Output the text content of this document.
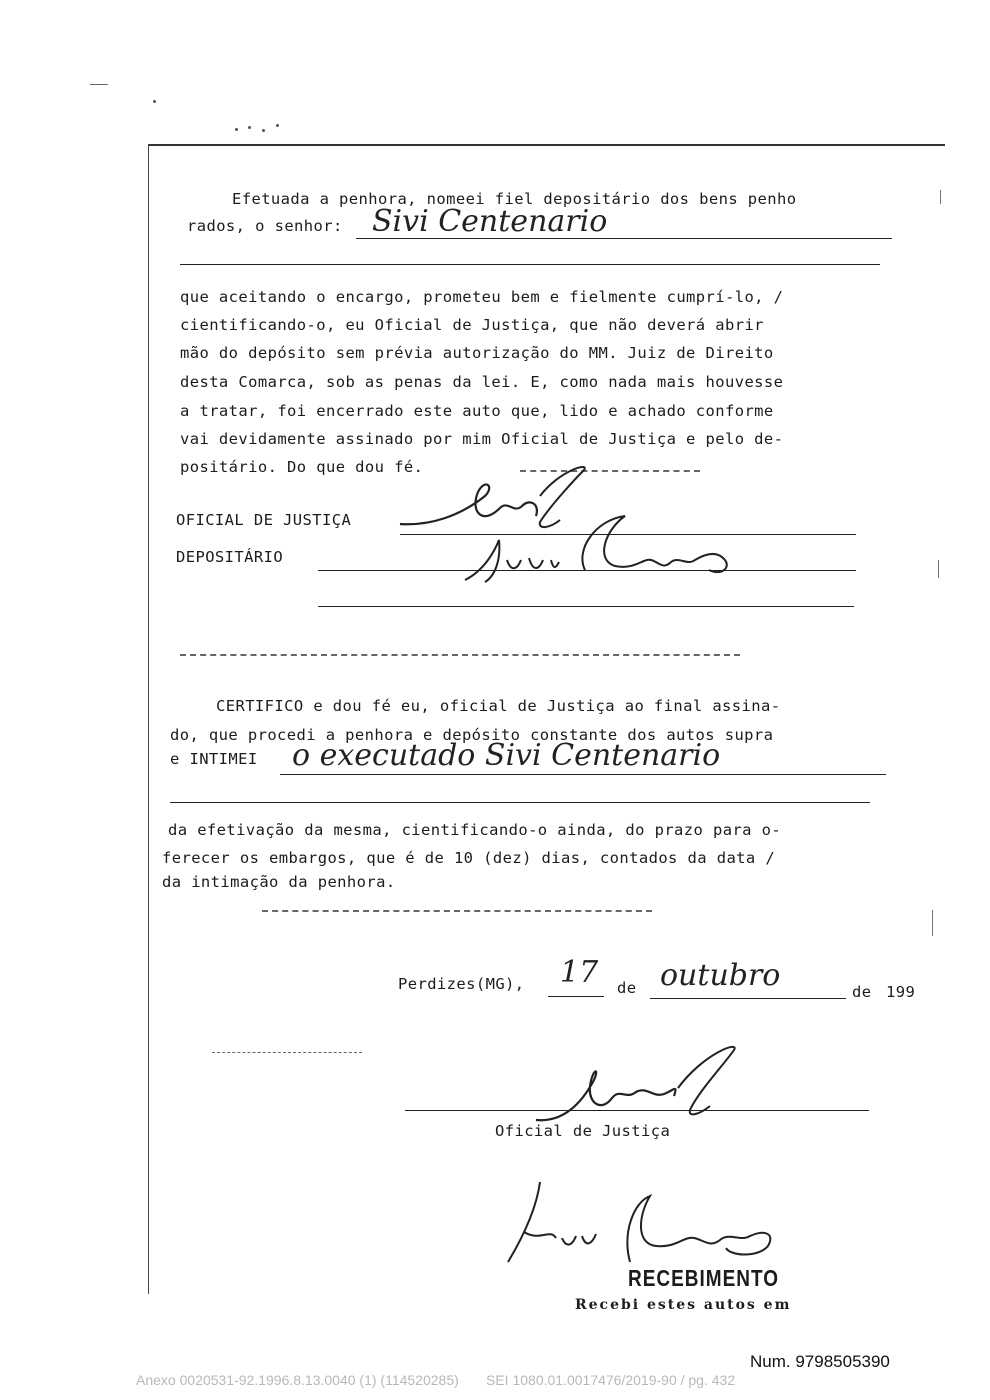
Efetuada a penhora, nomeei fiel depositário dos bens penho
rados, o senhor: Sivi Centenario
que aceitando o encargo, prometeu bem e fielmente cumprí-lo, /
cientificando-o, eu Oficial de Justiça, que não deverá abrir
mão do depósito sem prévia autorização do MM. Juiz de Direito
desta Comarca, sob as penas da lei. E, como nada mais houvesse
a tratar, foi encerrado este auto que, lido e achado conforme
vai devidamente assinado por mim Oficial de Justiça e pelo de-
positário. Do que dou fé.
OFICIAL DE JUSTIÇA
DEPOSITÁRIO
CERTIFICO e dou fé eu, oficial de Justiça ao final assina-
do, que procedi a penhora e depósito constante dos autos supra
e INTIMEI o executado Sivi Centenario
da efetivação da mesma, cientificando-o ainda, do prazo para o-
ferecer os embargos, que é de 10 (dez) dias, contados da data /
da intimação da penhora.
Perdizes(MG), 17 de outubro	de 199
Oficial de Justiça
RECEBIMENTO
Recebi estes autos em
Num. 9798505390
Anexo 0020531-92.1996.8.13.0040 (1) (114520285)       SEI 1080.01.0017476/2019-90 / pg. 432
